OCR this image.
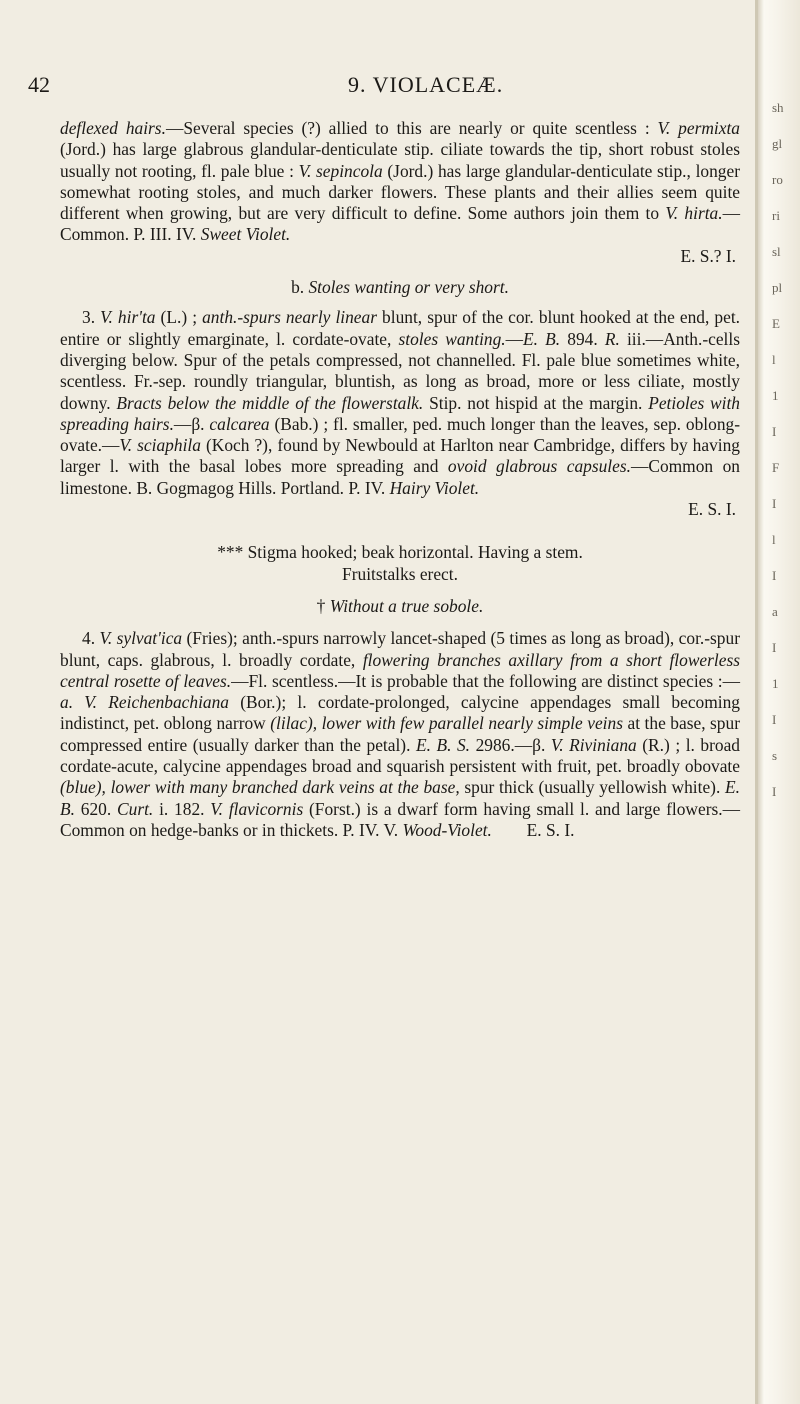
42	9. VIOLACEÆ.

deflexed hairs.—Several species (?) allied to this are nearly or quite scentless : V. permixta (Jord.) has large glabrous glandular-denticulate stip. ciliate towards the tip, short robust stoles usually not rooting, fl. pale blue : V. sepincola (Jord.) has large glandular-denticulate stip., longer somewhat rooting stoles, and much darker flowers. These plants and their allies seem quite different when growing, but are very difficult to define. Some authors join them to V. hirta.—Common. P. III. IV. Sweet Violet.
E. S.? I.

b. Stoles wanting or very short.

3. V. hir'ta (L.) ; anth.-spurs nearly linear blunt, spur of the cor. blunt hooked at the end, pet. entire or slightly emarginate, l. cordate-ovate, stoles wanting.—E. B. 894. R. iii.—Anth.-cells diverging below. Spur of the petals compressed, not channelled. Fl. pale blue sometimes white, scentless. Fr.-sep. roundly triangular, bluntish, as long as broad, more or less ciliate, mostly downy. Bracts below the middle of the flowerstalk. Stip. not hispid at the margin. Petioles with spreading hairs.—β. calcarea (Bab.) ; fl. smaller, ped. much longer than the leaves, sep. oblong-ovate.—V. sciaphila (Koch ?), found by Newbould at Harlton near Cambridge, differs by having larger l. with the basal lobes more spreading and ovoid glabrous capsules.—Common on limestone. B. Gogmagog Hills. Portland. P. IV. Hairy Violet.
E. S. I.

*** Stigma hooked; beak horizontal. Having a stem.
Fruitstalks erect.

† Without a true sobole.

4. V. sylvat'ica (Fries); anth.-spurs narrowly lancet-shaped (5 times as long as broad), cor.-spur blunt, caps. glabrous, l. broadly cordate, flowering branches axillary from a short flowerless central rosette of leaves.—Fl. scentless.—It is probable that the following are distinct species :—a. V. Reichenbachiana (Bor.); l. cordate-prolonged, calycine appendages small becoming indistinct, pet. oblong narrow (lilac), lower with few parallel nearly simple veins at the base, spur compressed entire (usually darker than the petal). E. B. S. 2986.—β. V. Riviniana (R.) ; l. broad cordate-acute, calycine appendages broad and squarish persistent with fruit, pet. broadly obovate (blue), lower with many branched dark veins at the base, spur thick (usually yellowish white). E. B. 620. Curt. i. 182. V. flavicornis (Forst.) is a dwarf form having small l. and large flowers.—Common on hedge-banks or in thickets. P. IV. V. Wood-Violet. E. S. I.

sh
gl
ro
ri
sl
pl
E
l
1
I
F
I
l
I
a
I
1
I
s
I
